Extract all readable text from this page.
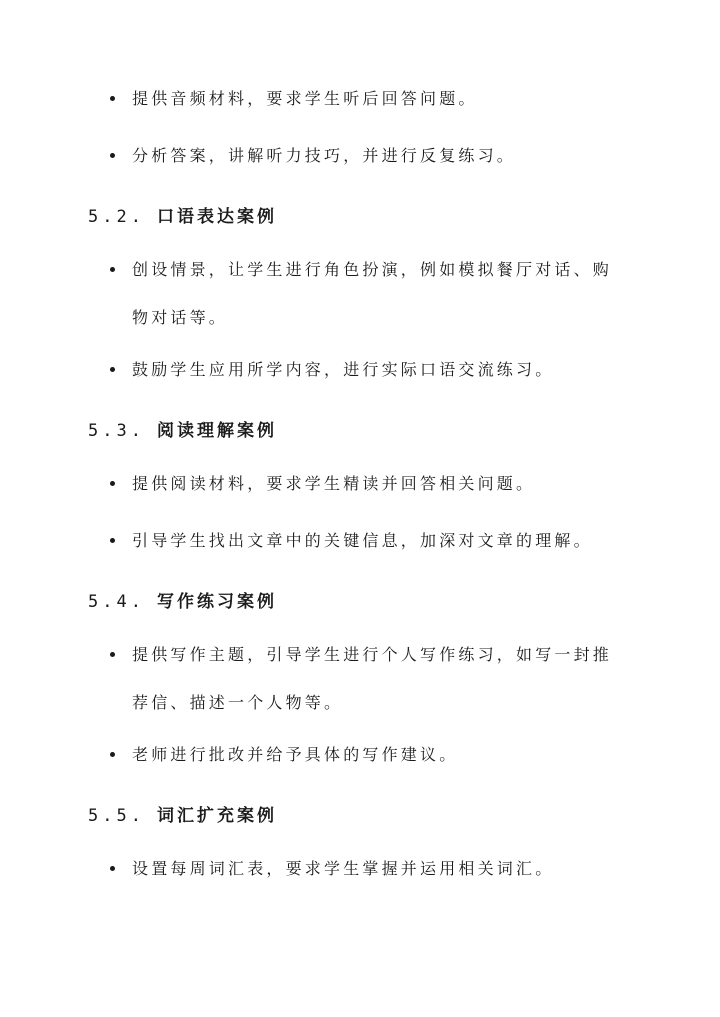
提供音频材料，要求学生听后回答问题。
分析答案，讲解听力技巧，并进行反复练习。
5.2. 口语表达案例
创设情景，让学生进行角色扮演，例如模拟餐厅对话、购物对话等。
鼓励学生应用所学内容，进行实际口语交流练习。
5.3. 阅读理解案例
提供阅读材料，要求学生精读并回答相关问题。
引导学生找出文章中的关键信息，加深对文章的理解。
5.4. 写作练习案例
提供写作主题，引导学生进行个人写作练习，如写一封推荐信、描述一个人物等。
老师进行批改并给予具体的写作建议。
5.5. 词汇扩充案例
设置每周词汇表，要求学生掌握并运用相关词汇。
